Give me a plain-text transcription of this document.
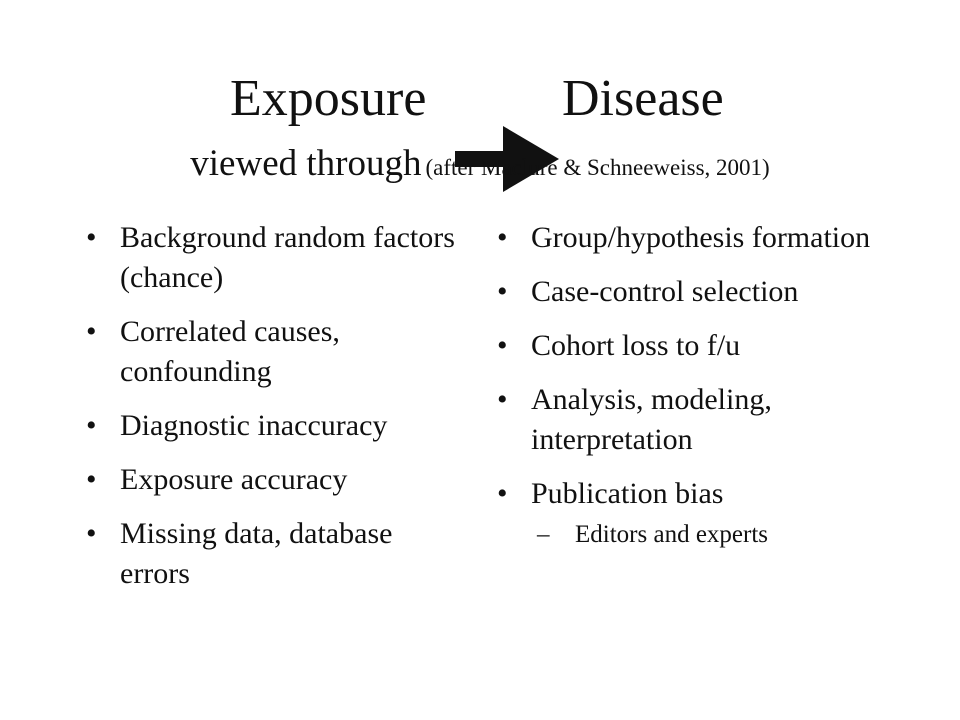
Exposure	Disease
viewed through (after Maclure & Schneeweiss, 2001)
• Background random factors (chance)
• Correlated causes, confounding
• Diagnostic inaccuracy
• Exposure accuracy
• Missing data, database errors
• Group/hypothesis formation
• Case-control selection
• Cohort loss to f/u
• Analysis, modeling, interpretation
• Publication bias
– Editors and experts
